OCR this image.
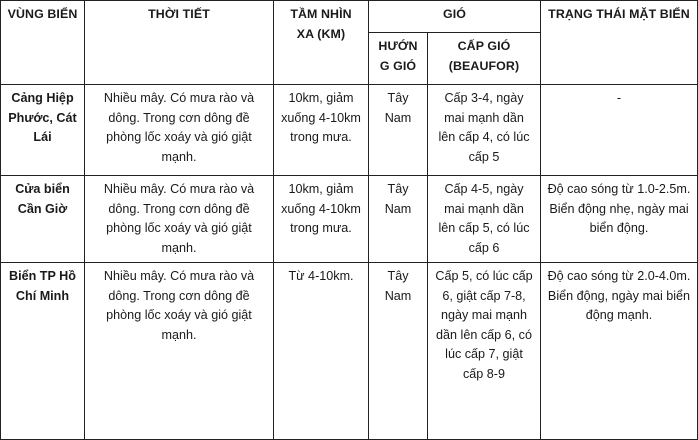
VÙNG BIỂN	THỜI TIẾT	TẦM NHÌN XA (KM)	GIÓ		TRẠNG THÁI MẶT BIỂN
			HƯỚNG GIÓ	CẤP GIÓ (BEAUFOR)	
Cảng Hiệp Phước, Cát Lái	Nhiều mây. Có mưa rào và dông. Trong cơn dông đề phòng lốc xoáy và gió giật mạnh.	10km, giảm xuống 4-10km trong mưa.	Tây Nam	Cấp 3-4, ngày mai mạnh dần lên cấp 4, có lúc cấp 5	-
Cửa biển Cần Giờ	Nhiều mây. Có mưa rào và dông. Trong cơn dông đề phòng lốc xoáy và gió giật mạnh.	10km, giảm xuống 4-10km trong mưa.	Tây Nam	Cấp 4-5, ngày mai mạnh dần lên cấp 5, có lúc cấp 6	Độ cao sóng từ 1.0-2.5m. Biển động nhẹ, ngày mai biển động.
Biển TP Hồ Chí Minh	Nhiều mây. Có mưa rào và dông. Trong cơn dông đề phòng lốc xoáy và gió giật mạnh.	Từ 4-10km.	Tây Nam	Cấp 5, có lúc cấp 6, giật cấp 7-8, ngày mai mạnh dần lên cấp 6, có lúc cấp 7, giật cấp 8-9	Độ cao sóng từ 2.0-4.0m. Biển động, ngày mai biển động mạnh.
